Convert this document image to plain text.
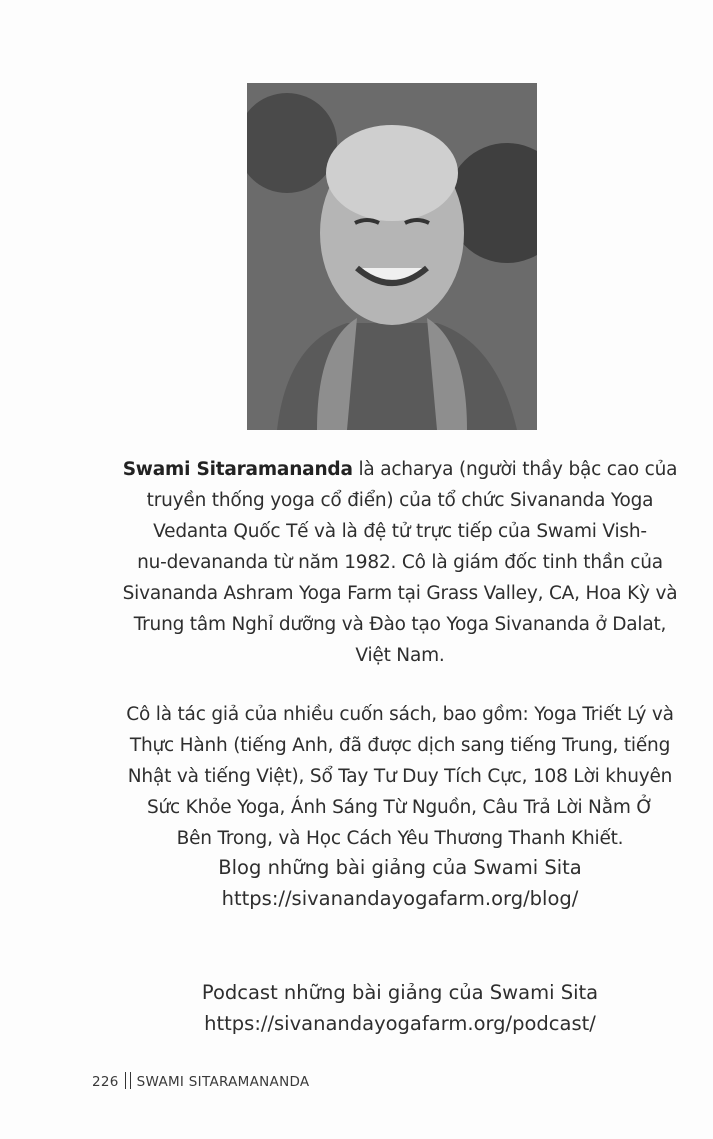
Swami Sitaramananda là acharya (người thầy bậc cao của
truyền thống yoga cổ điển) của tổ chức Sivananda Yoga
Vedanta Quốc Tế và là đệ tử trực tiếp của Swami Vish-
nu-devananda từ năm 1982. Cô là giám đốc tinh thần của
Sivananda Ashram Yoga Farm tại Grass Valley, CA, Hoa Kỳ và
Trung tâm Nghỉ dưỡng và Đào tạo Yoga Sivananda ở Dalat,
Việt Nam.
Cô là tác giả của nhiều cuốn sách, bao gồm: Yoga Triết Lý và
Thực Hành (tiếng Anh, đã được dịch sang tiếng Trung, tiếng
Nhật và tiếng Việt), Sổ Tay Tư Duy Tích Cực, 108 Lời khuyên
Sức Khỏe Yoga, Ánh Sáng Từ Nguồn, Câu Trả Lời Nằm Ở
Bên Trong, và Học Cách Yêu Thương Thanh Khiết.
Blog những bài giảng của Swami Sita
https://sivanandayogafarm.org/blog/
Podcast những bài giảng của Swami Sita
https://sivanandayogafarm.org/podcast/
226 SWAMI SITARAMANANDA
